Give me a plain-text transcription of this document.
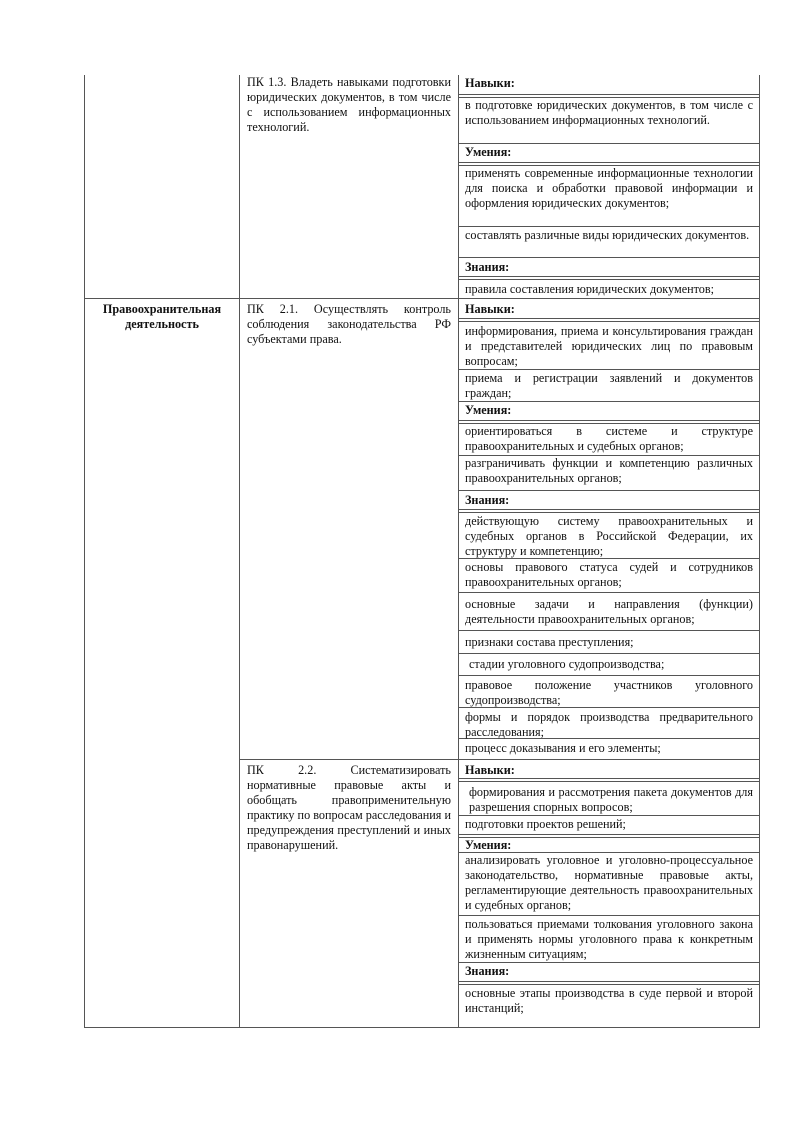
ПК 1.3. Владеть навыками подготовки юридических документов, в том числе с использованием информационных технологий.
Навыки:
в подготовке юридических документов, в том числе с использованием информационных технологий.
Умения:
применять современные информационные технологии для поиска и обработки правовой информации и оформления юридических документов;
составлять различные виды юридических документов.
Знания:
правила составления юридических документов;
Правоохранительная деятельность
ПК 2.1. Осуществлять контроль соблюдения законодательства РФ субъектами права.
Навыки:
информирования, приема и консультирования граждан и представителей юридических лиц по правовым вопросам;
приема и регистрации заявлений и документов граждан;
Умения:
ориентироваться в системе и структуре правоохранительных и судебных органов;
разграничивать функции и компетенцию различных правоохранительных органов;
Знания:
действующую систему правоохранительных и судебных органов в Российской Федерации, их структуру и компетенцию;
основы правового статуса судей и сотрудников правоохранительных органов;
основные задачи и направления (функции) деятельности правоохранительных органов;
признаки состава преступления;
стадии уголовного судопроизводства;
правовое положение участников уголовного судопроизводства;
формы и порядок производства предварительного расследования;
процесс доказывания и его элементы;
ПК 2.2. Систематизировать нормативные правовые акты и обобщать правоприменительную практику по вопросам расследования и предупреждения преступлений и иных правонарушений.
Навыки:
формирования и рассмотрения пакета документов для разрешения спорных вопросов;
подготовки проектов решений;
Умения:
анализировать уголовное и уголовно-процессуальное законодательство, нормативные правовые акты, регламентирующие деятельность правоохранительных и судебных органов;
пользоваться приемами толкования уголовного закона и применять нормы уголовного права к конкретным жизненным ситуациям;
Знания:
основные этапы производства в суде первой и второй инстанций;
